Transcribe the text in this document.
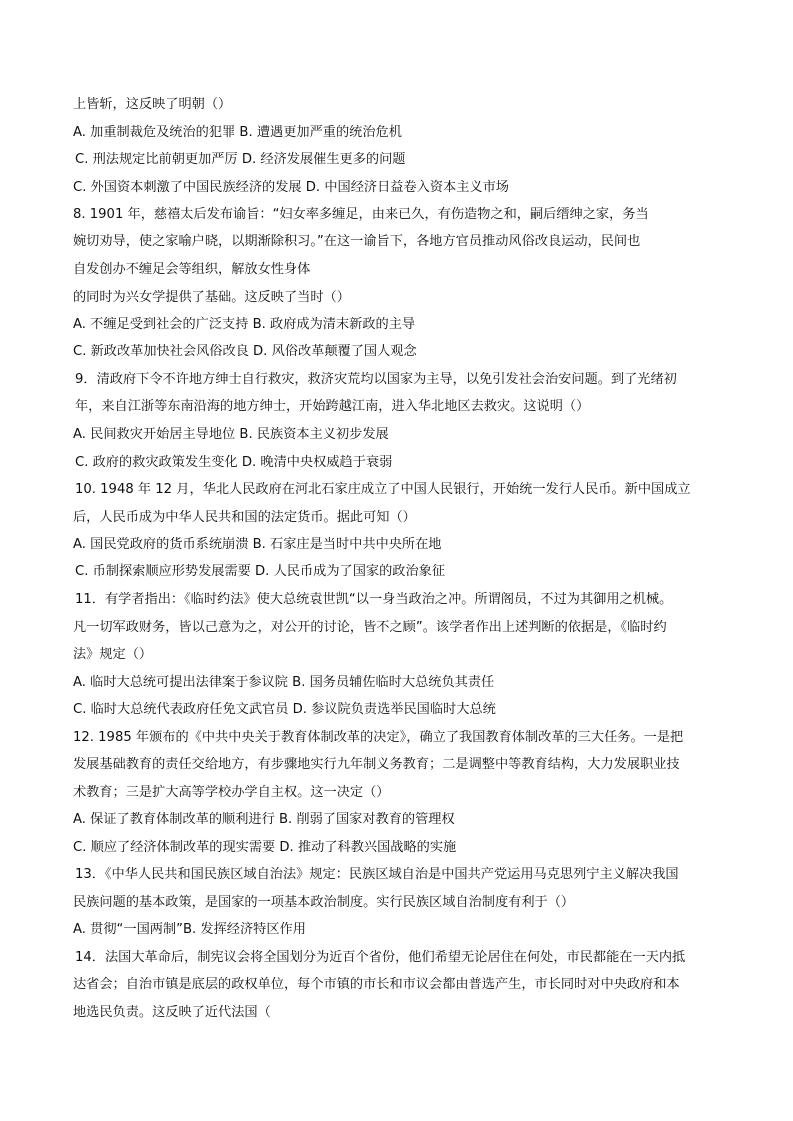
上皆斩，这反映了明朝（）
A. 加重制裁危及统治的犯罪 B. 遭遇更加严重的统治危机
C. 刑法规定比前朝更加严厉 D. 经济发展催生更多的问题
C. 外国资本刺激了中国民族经济的发展 D. 中国经济日益卷入资本主义市场
8. 1901 年，慈禧太后发布谕旨：“妇女率多缠足，由来已久，有伤造物之和，嗣后缙绅之家，务当
婉切劝导，使之家喻户晓，以期渐除积习。”在这一谕旨下，各地方官员推动风俗改良运动，民间也
自发创办不缠足会等组织，解放女性身体
的同时为兴女学提供了基础。这反映了当时（）
A. 不缠足受到社会的广泛支持 B. 政府成为清末新政的主导
C. 新政改革加快社会风俗改良 D. 风俗改革颠覆了国人观念
9．清政府下令不许地方绅士自行救灾，救济灾荒均以国家为主导，以免引发社会治安问题。到了光绪初
年，来自江浙等东南沿海的地方绅士，开始跨越江南，进入华北地区去救灾。这说明（）
A. 民间救灾开始居主导地位 B. 民族资本主义初步发展
C. 政府的救灾政策发生变化 D. 晚清中央权威趋于衰弱
10. 1948 年 12 月，华北人民政府在河北石家庄成立了中国人民银行，开始统一发行人民币。新中国成立
后，人民币成为中华人民共和国的法定货币。据此可知（）
A. 国民党政府的货币系统崩溃 B. 石家庄是当时中共中央所在地
C. 币制探索顺应形势发展需要 D. 人民币成为了国家的政治象征
11．有学者指出：《临时约法》使大总统袁世凯“以一身当政治之冲。所谓阁员，不过为其御用之机械。
凡一切军政财务，皆以己意为之，对公开的讨论，皆不之顾”。该学者作出上述判断的依据是，《临时约
法》规定（）
A. 临时大总统可提出法律案于参议院 B. 国务员辅佐临时大总统负其责任
C. 临时大总统代表政府任免文武官员 D. 参议院负责选举民国临时大总统
12. 1985 年颁布的《中共中央关于教育体制改革的决定》，确立了我国教育体制改革的三大任务。一是把
发展基础教育的责任交给地方，有步骤地实行九年制义务教育；二是调整中等教育结构，大力发展职业技
术教育；三是扩大高等学校办学自主权。这一决定（）
A. 保证了教育体制改革的顺利进行 B. 削弱了国家对教育的管理权
C. 顺应了经济体制改革的现实需要 D. 推动了科教兴国战略的实施
13．《中华人民共和国民族区域自治法》规定：民族区域自治是中国共产党运用马克思列宁主义解决我国
民族问题的基本政策，是国家的一项基本政治制度。实行民族区域自治制度有利于（）
A. 贯彻“一国两制”B. 发挥经济特区作用
14．法国大革命后，制宪议会将全国划分为近百个省份，他们希望无论居住在何处，市民都能在一天内抵
达省会；自治市镇是底层的政权单位，每个市镇的市长和市议会都由普选产生，市长同时对中央政府和本
地选民负责。这反映了近代法国（
